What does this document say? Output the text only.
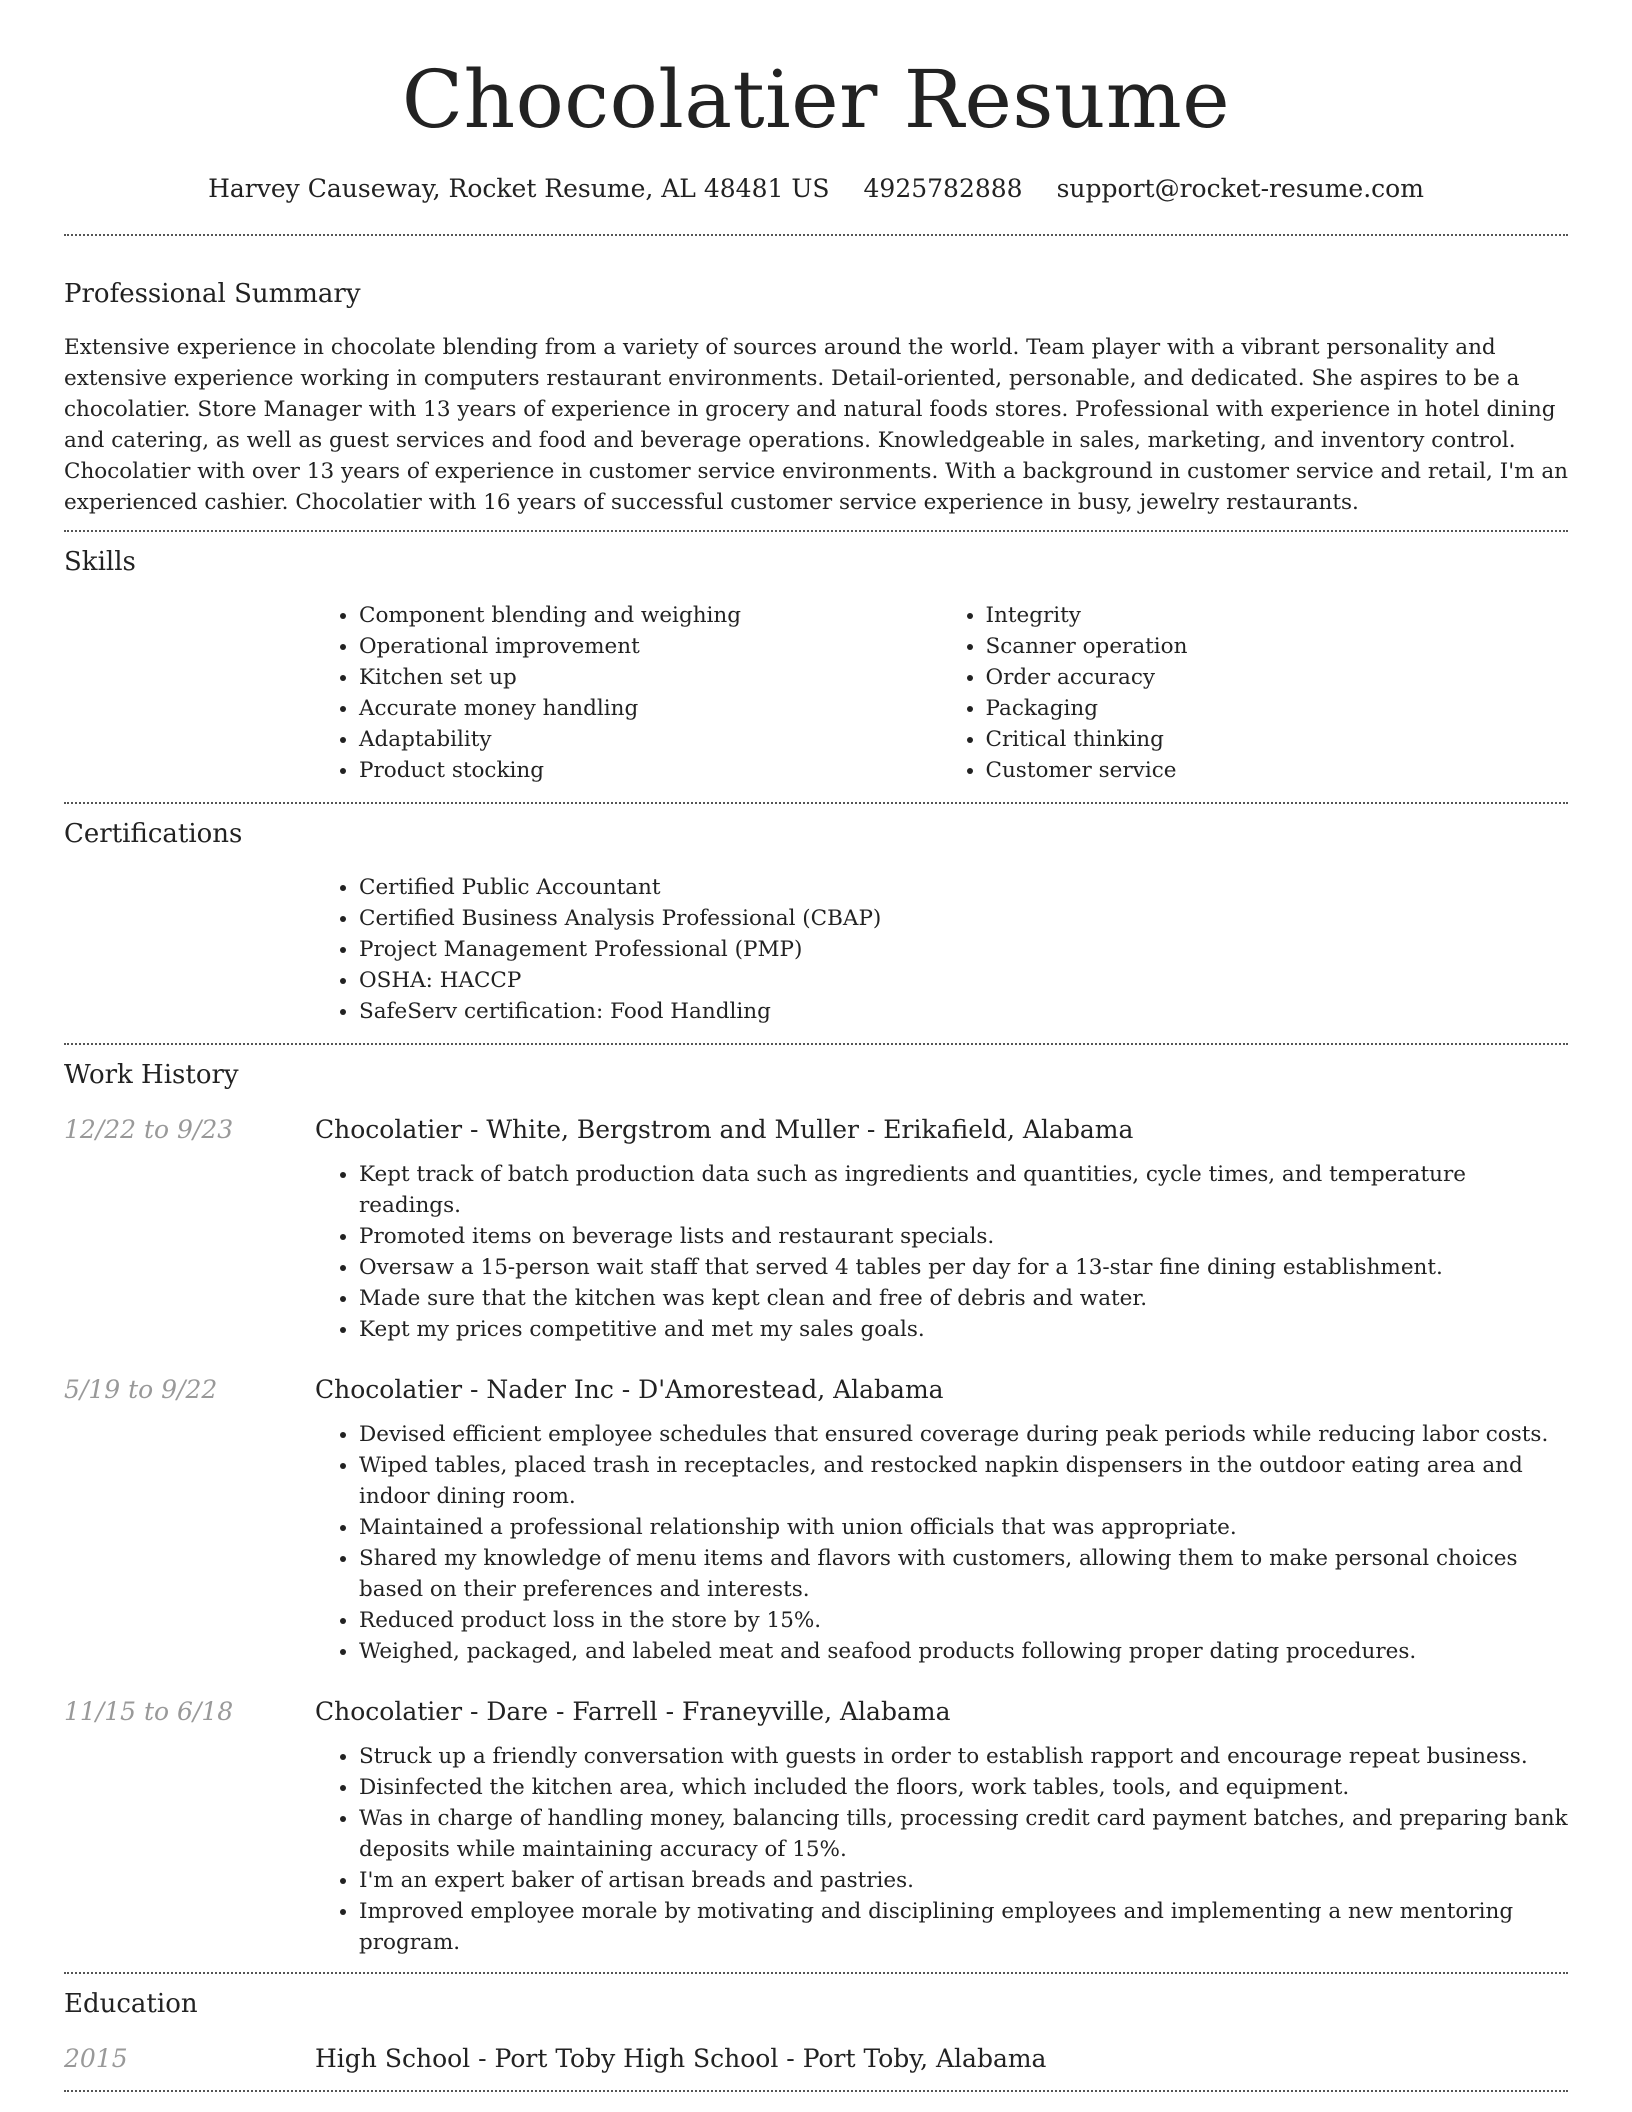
Chocolatier Resume
Harvey Causeway, Rocket Resume, AL 48481 US 4925782888 support@rocket-resume.com
Professional Summary

Extensive experience in chocolate blending from a variety of sources around the world. Team player with a vibrant personality and extensive experience working in computers restaurant environments. Detail-oriented, personable, and dedicated. She aspires to be a chocolatier. Store Manager with 13 years of experience in grocery and natural foods stores. Professional with experience in hotel dining and catering, as well as guest services and food and beverage operations. Knowledgeable in sales, marketing, and inventory control. Chocolatier with over 13 years of experience in customer service environments. With a background in customer service and retail, I'm an experienced cashier. Chocolatier with 16 years of successful customer service experience in busy, jewelry restaurants.

Skills
• Component blending and weighing
• Operational improvement
• Kitchen set up
• Accurate money handling
• Adaptability
• Product stocking
• Integrity
• Scanner operation
• Order accuracy
• Packaging
• Critical thinking
• Customer service
Certifications
• Certified Public Accountant
• Certified Business Analysis Professional (CBAP)
• Project Management Professional (PMP)
• OSHA: HACCP
• SafeServ certification: Food Handling
Work History
12/22 to 9/23	Chocolatier - White, Bergstrom and Muller - Erikafield, Alabama
• Kept track of batch production data such as ingredients and quantities, cycle times, and temperature readings.
• Promoted items on beverage lists and restaurant specials.
• Oversaw a 15-person wait staff that served 4 tables per day for a 13-star fine dining establishment.
• Made sure that the kitchen was kept clean and free of debris and water.
• Kept my prices competitive and met my sales goals.
5/19 to 9/22	Chocolatier - Nader Inc - D'Amorestead, Alabama
• Devised efficient employee schedules that ensured coverage during peak periods while reducing labor costs.
• Wiped tables, placed trash in receptacles, and restocked napkin dispensers in the outdoor eating area and indoor dining room.
• Maintained a professional relationship with union officials that was appropriate.
• Shared my knowledge of menu items and flavors with customers, allowing them to make personal choices based on their preferences and interests.
• Reduced product loss in the store by 15%.
• Weighed, packaged, and labeled meat and seafood products following proper dating procedures.
11/15 to 6/18	Chocolatier - Dare - Farrell - Franeyville, Alabama
• Struck up a friendly conversation with guests in order to establish rapport and encourage repeat business.
• Disinfected the kitchen area, which included the floors, work tables, tools, and equipment.
• Was in charge of handling money, balancing tills, processing credit card payment batches, and preparing bank deposits while maintaining accuracy of 15%.
• I'm an expert baker of artisan breads and pastries.
• Improved employee morale by motivating and disciplining employees and implementing a new mentoring program.
Education
2015	High School - Port Toby High School - Port Toby, Alabama
